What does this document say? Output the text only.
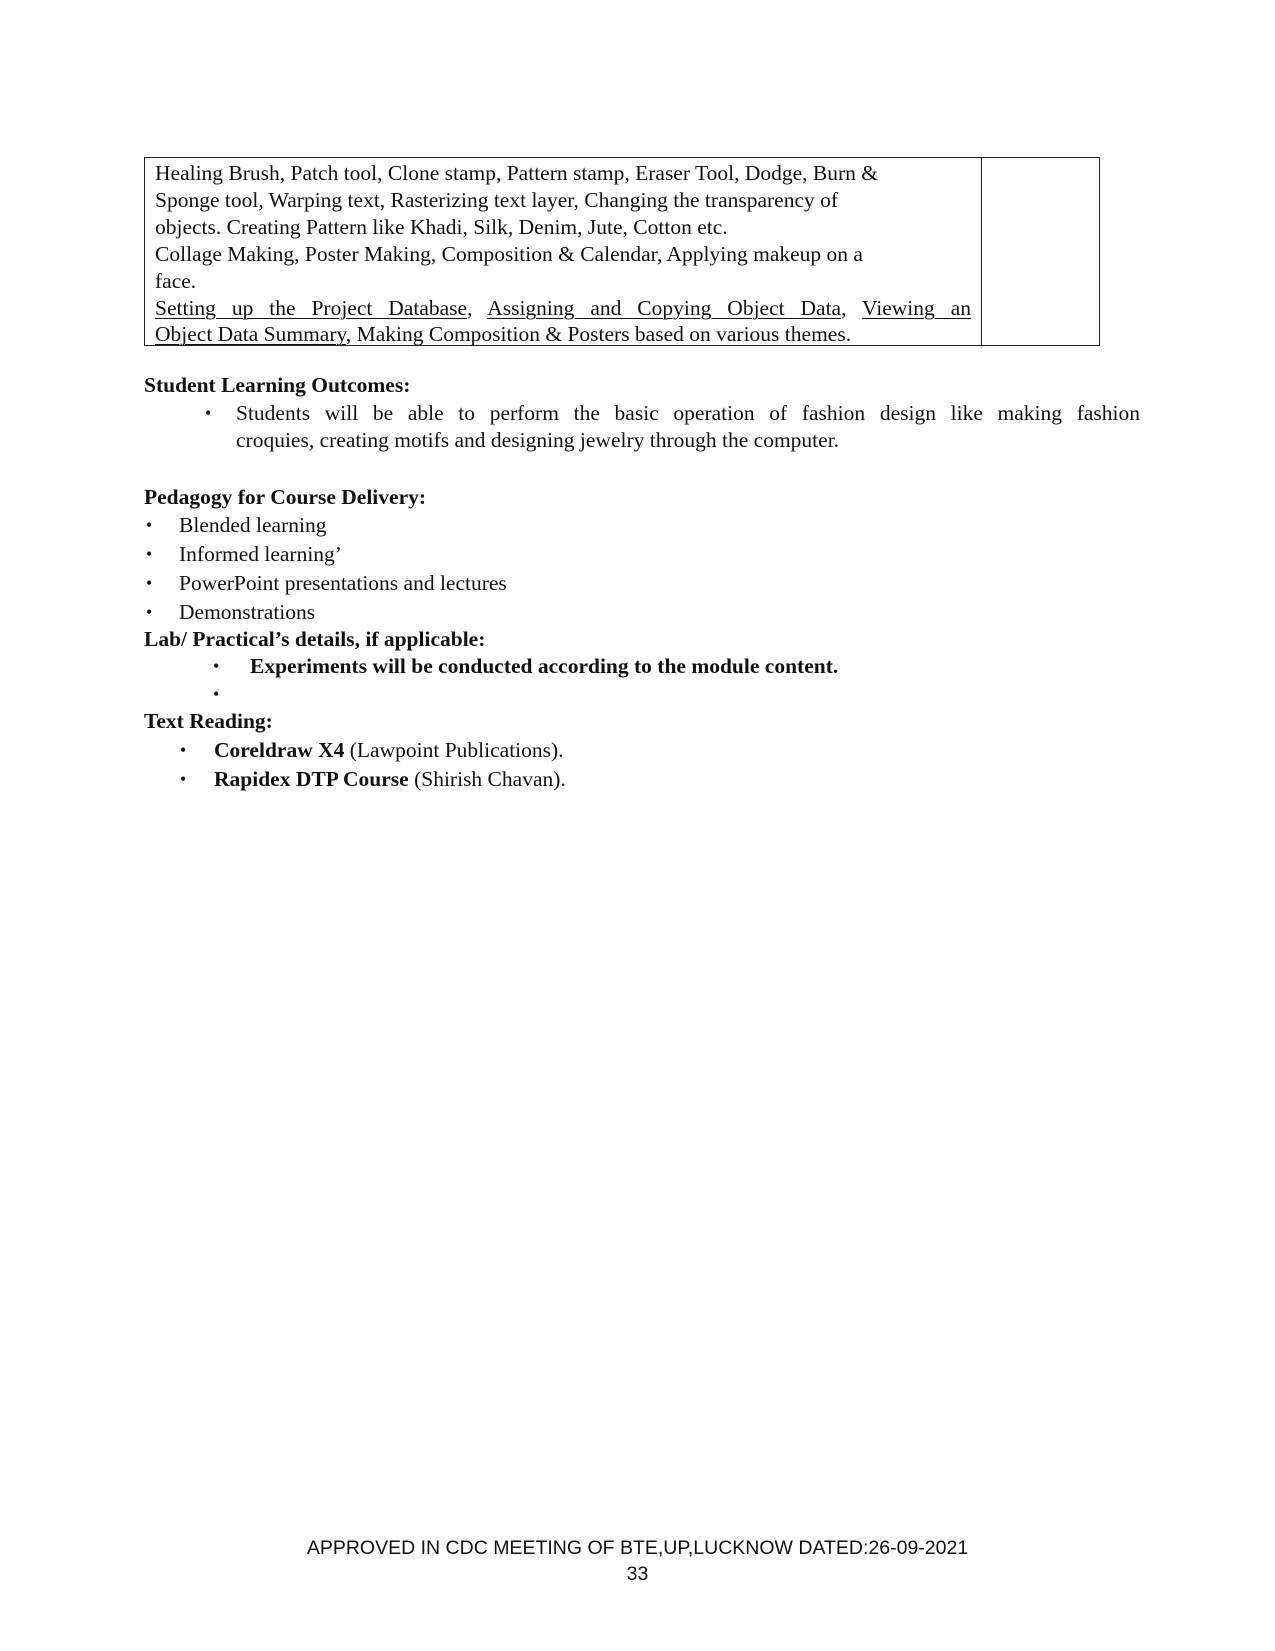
Healing Brush, Patch tool, Clone stamp, Pattern stamp, Eraser Tool, Dodge, Burn &
Sponge tool, Warping text, Rasterizing text layer, Changing the transparency of
objects. Creating Pattern like Khadi, Silk, Denim, Jute, Cotton etc.
Collage Making, Poster Making, Composition & Calendar, Applying makeup on a
face.
Setting up the Project Database, Assigning and Copying Object Data, Viewing an
Object Data Summary, Making Composition & Posters based on various themes.
Student Learning Outcomes:
• Students will be able to perform the basic operation of fashion design like making fashion
croquies, creating motifs and designing jewelry through the computer.
Pedagogy for Course Delivery:
• Blended learning
• Informed learning’
• PowerPoint presentations and lectures
• Demonstrations
Lab/ Practical’s details, if applicable:
• Experiments will be conducted according to the module content.
•
Text Reading:
• Coreldraw X4 (Lawpoint Publications).
• Rapidex DTP Course (Shirish Chavan).
APPROVED IN CDC MEETING OF BTE,UP,LUCKNOW DATED:26-09-2021
33
